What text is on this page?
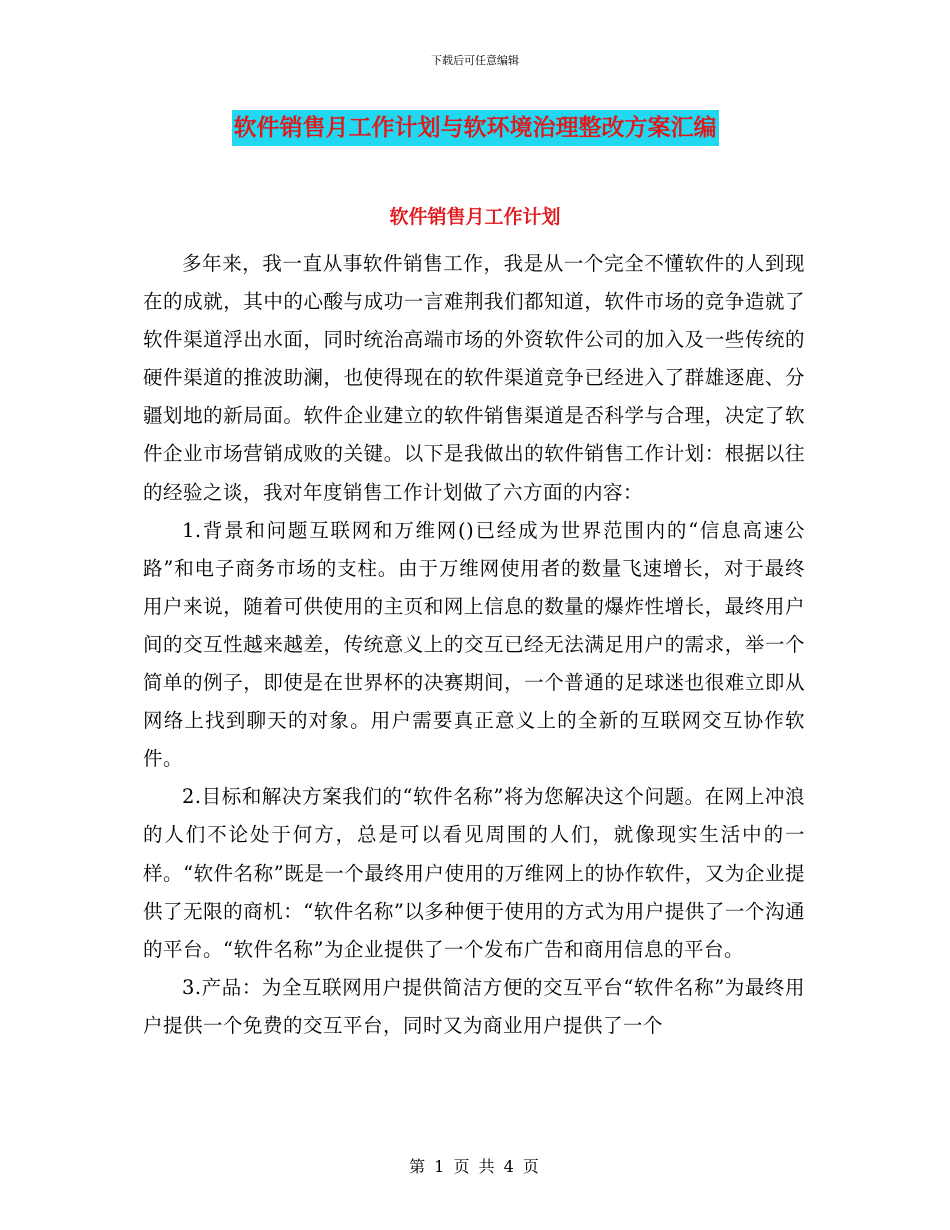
下载后可任意编辑
软件销售月工作计划与软环境治理整改方案汇编
软件销售月工作计划

多年来，我一直从事软件销售工作，我是从一个完全不懂软件的人到现在的成就，其中的心酸与成功一言难荆我们都知道，软件市场的竞争造就了软件渠道浮出水面，同时统治高端市场的外资软件公司的加入及一些传统的硬件渠道的推波助澜，也使得现在的软件渠道竞争已经进入了群雄逐鹿、分疆划地的新局面。软件企业建立的软件销售渠道是否科学与合理，决定了软件企业市场营销成败的关键。以下是我做出的软件销售工作计划：根据以往的经验之谈，我对年度销售工作计划做了六方面的内容：

1.背景和问题互联网和万维网()已经成为世界范围内的“信息高速公路”和电子商务市场的支柱。由于万维网使用者的数量飞速增长，对于最终用户来说，随着可供使用的主页和网上信息的数量的爆炸性增长，最终用户间的交互性越来越差，传统意义上的交互已经无法满足用户的需求，举一个简单的例子，即使是在世界杯的决赛期间，一个普通的足球迷也很难立即从网络上找到聊天的对象。用户需要真正意义上的全新的互联网交互协作软件。

2.目标和解决方案我们的“软件名称”将为您解决这个问题。在网上冲浪的人们不论处于何方，总是可以看见周围的人们，就像现实生活中的一样。“软件名称”既是一个最终用户使用的万维网上的协作软件，又为企业提供了无限的商机：“软件名称”以多种便于使用的方式为用户提供了一个沟通的平台。“软件名称”为企业提供了一个发布广告和商用信息的平台。

3.产品：为全互联网用户提供简洁方便的交互平台“软件名称”为最终用户提供一个免费的交互平台，同时又为商业用户提供了一个

第 1 页 共 4 页
